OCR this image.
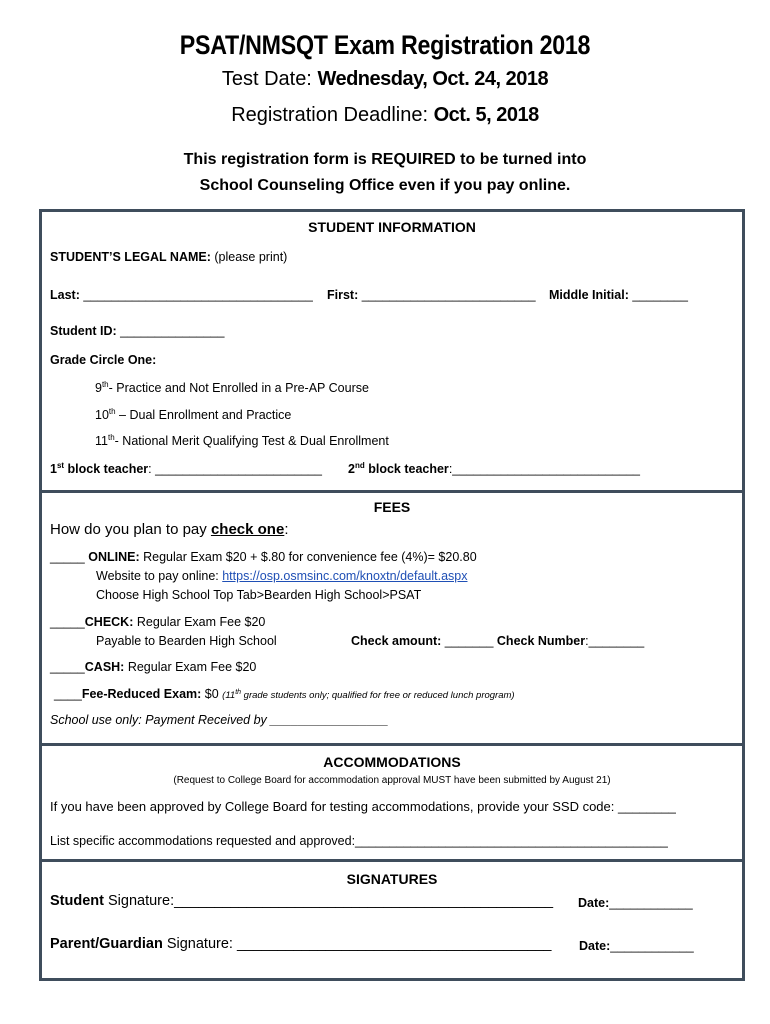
PSAT/NMSQT Exam Registration 2018
Test Date: Wednesday, Oct. 24, 2018
Registration Deadline: Oct. 5, 2018
This registration form is REQUIRED to be turned into
School Counseling Office even if you pay online.
STUDENT INFORMATION
STUDENT’S LEGAL NAME: (please print)
Last: _________________________________ First: _________________________ Middle Initial: ________
Student ID: _______________
Grade Circle One:
9th- Practice and Not Enrolled in a Pre-AP Course
10th – Dual Enrollment and Practice
11th- National Merit Qualifying Test & Dual Enrollment
1st block teacher: ________________________ 2nd block teacher:___________________________
FEES
How do you plan to pay check one:
_____ ONLINE: Regular Exam $20 + $.80 for convenience fee (4%)= $20.80
Website to pay online: https://osp.osmsinc.com/knoxtn/default.aspx
Choose High School Top Tab>Bearden High School>PSAT
_____CHECK: Regular Exam Fee $20
Payable to Bearden High School	Check amount: _______ Check Number:________
_____CASH: Regular Exam Fee $20
____Fee-Reduced Exam: $0 (11th grade students only; qualified for free or reduced lunch program)
School use only: Payment Received by _________________
ACCOMMODATIONS
(Request to College Board for accommodation approval MUST have been submitted by August 21)
If you have been approved by College Board for testing accommodations, provide your SSD code: ________
List specific accommodations requested and approved:_____________________________________________
SIGNATURES
Student Signature:_______________________________________________ Date:____________
Parent/Guardian Signature: _______________________________________ Date:____________
